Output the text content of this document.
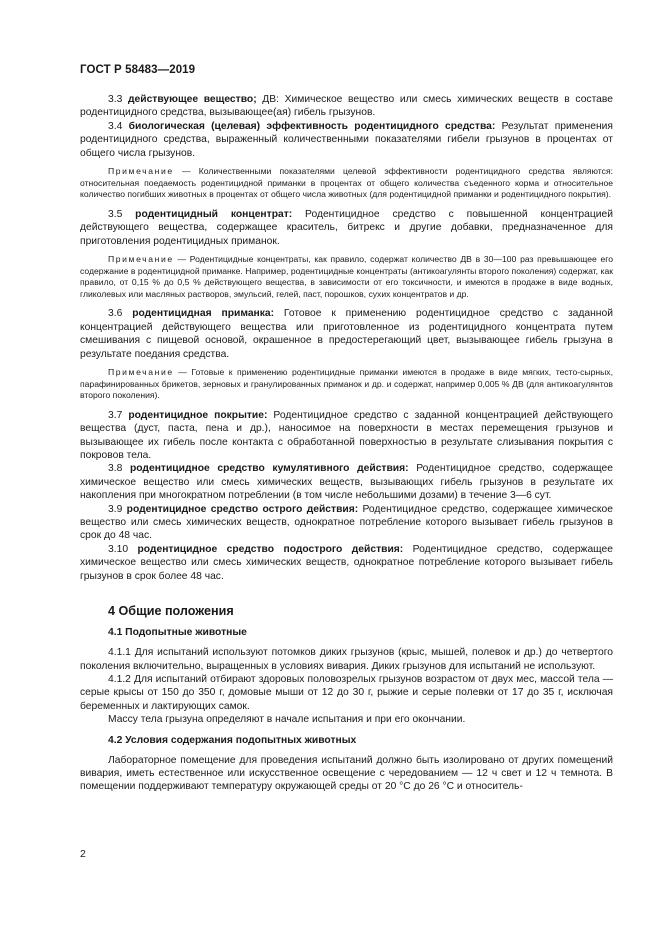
ГОСТ Р 58483—2019

3.3 действующее вещество; ДВ: Химическое вещество или смесь химических веществ в составе родентицидного средства, вызывающее(ая) гибель грызунов.

3.4 биологическая (целевая) эффективность родентицидного средства: Результат применения родентицидного средства, выраженный количественными показателями гибели грызунов в процентах от общего числа грызунов.

Примечание — Количественными показателями целевой эффективности родентицидного средства являются: относительная поедаемость родентицидной приманки в процентах от общего количества съеденного корма и относительное количество погибших животных в процентах от общего числа животных (для родентицидной приманки и родентицидного покрытия).

3.5 родентицидный концентрат: Родентицидное средство с повышенной концентрацией действующего вещества, содержащее краситель, битрекс и другие добавки, предназначенное для приготовления родентицидных приманок.

Примечание — Родентицидные концентраты, как правило, содержат количество ДВ в 30—100 раз превышающее его содержание в родентицидной приманке. Например, родентицидные концентраты (антикоагулянты второго поколения) содержат, как правило, от 0,15 % до 0,5 % действующего вещества, в зависимости от его токсичности, и имеются в продаже в виде водных, гликолевых или масляных растворов, эмульсий, гелей, паст, порошков, сухих концентратов и др.

3.6 родентицидная приманка: Готовое к применению родентицидное средство с заданной концентрацией действующего вещества или приготовленное из родентицидного концентрата путем смешивания с пищевой основой, окрашенное в предостерегающий цвет, вызывающее гибель грызуна в результате поедания средства.

Примечание — Готовые к применению родентицидные приманки имеются в продаже в виде мягких, тесто-сырных, парафинированных брикетов, зерновых и гранулированных приманок и др. и содержат, например 0,005 % ДВ (для антикоагулянтов второго поколения).

3.7 родентицидное покрытие: Родентицидное средство с заданной концентрацией действующего вещества (дуст, паста, пена и др.), наносимое на поверхности в местах перемещения грызунов и вызывающее их гибель после контакта с обработанной поверхностью в результате слизывания покрытия с покровов тела.

3.8 родентицидное средство кумулятивного действия: Родентицидное средство, содержащее химическое вещество или смесь химических веществ, вызывающих гибель грызунов в результате их накопления при многократном потреблении (в том числе небольшими дозами) в течение 3—6 сут.

3.9 родентицидное средство острого действия: Родентицидное средство, содержащее химическое вещество или смесь химических веществ, однократное потребление которого вызывает гибель грызунов в срок до 48 час.

3.10 родентицидное средство подострого действия: Родентицидное средство, содержащее химическое вещество или смесь химических веществ, однократное потребление которого вызывает гибель грызунов в срок более 48 час.

4 Общие положения
4.1 Подопытные животные

4.1.1 Для испытаний используют потомков диких грызунов (крыс, мышей, полевок и др.) до четвертого поколения включительно, выращенных в условиях вивария. Диких грызунов для испытаний не используют.

4.1.2 Для испытаний отбирают здоровых половозрелых грызунов возрастом от двух мес, массой тела — серые крысы от 150 до 350 г, домовые мыши от 12 до 30 г, рыжие и серые полевки от 17 до 35 г, исключая беременных и лактирующих самок.

Массу тела грызуна определяют в начале испытания и при его окончании.

4.2 Условия содержания подопытных животных

Лабораторное помещение для проведения испытаний должно быть изолировано от других помещений вивария, иметь естественное или искусственное освещение с чередованием — 12 ч свет и 12 ч темнота. В помещении поддерживают температуру окружающей среды от 20 °С до 26 °С и относитель-

2
